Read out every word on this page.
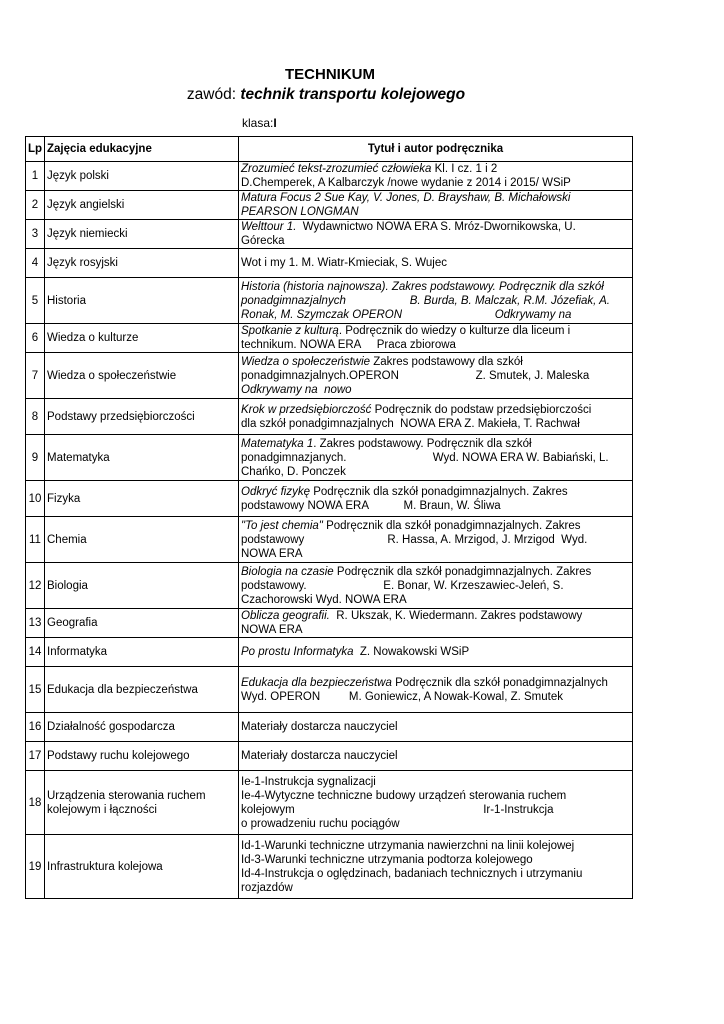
TECHNIKUM
zawód: technik transportu kolejowego
klasa:I
Lp	Zajęcia edukacyjne	Tytuł i autor podręcznika
1	Język polski	Zrozumieć tekst-zrozumieć człowieka Kl. I cz. 1 i 2
D.Chemperek, A Kalbarczyk /nowe wydanie z 2014 i 2015/ WSiP

2	Język angielski	Matura Focus 2 Sue Kay, V. Jones, D. Brayshaw, B. Michałowski
PEARSON LONGMAN

3	Język niemiecki	Welttour 1.  Wydawnictwo NOWA ERA S. Mróz-Dwornikowska, U.
Górecka

4	Język rosyjski	Wot i my 1. M. Wiatr-Kmieciak, S. Wujec

5	Historia	Historia (historia najnowsza). Zakres podstawowy. Podręcznik dla szkół
ponadgimnazjalnych                    B. Burda, B. Malczak, R.M. Józefiak, A.
Ronak, M. Szymczak OPERON                             Odkrywamy na

6	Wiedza o kulturze	Spotkanie z kulturą. Podręcznik do wiedzy o kulturze dla liceum i
technikum. NOWA ERA     Praca zbiorowa

7	Wiedza o społeczeństwie	Wiedza o społeczeństwie Zakres podstawowy dla szkół
ponadgimnazjalnych.OPERON                        Z. Smutek, J. Maleska
Odkrywamy na  nowo

8	Podstawy przedsiębiorczości	Krok w przedsiębiorczość Podręcznik do podstaw przedsiębiorczości
dla szkół ponadgimnazjalnych  NOWA ERA Z. Makieła, T. Rachwał

9	Matematyka	Matematyka 1. Zakres podstawowy. Podręcznik dla szkół
ponadgimnazjanych.                           Wyd. NOWA ERA W. Babiański, L.
Chańko, D. Ponczek

10	Fizyka	Odkryć fizykę Podręcznik dla szkół ponadgimnazjalnych. Zakres
podstawowy NOWA ERA           M. Braun, W. Śliwa

11	Chemia	"To jest chemia" Podręcznik dla szkół ponadgimnazjalnych. Zakres
podstawowy                          R. Hassa, A. Mrzigod, J. Mrzigod  Wyd.
NOWA ERA

12	Biologia	Biologia na czasie Podręcznik dla szkół ponadgimnazjalnych. Zakres
podstawowy.                        E. Bonar, W. Krzeszawiec-Jeleń, S.
Czachorowski Wyd. NOWA ERA

13	Geografia	Oblicza geografii.  R. Ukszak, K. Wiedermann. Zakres podstawowy
NOWA ERA

14	Informatyka	Po prostu Informatyka  Z. Nowakowski WSiP

15	Edukacja dla bezpieczeństwa	Edukacja dla bezpieczeństwa Podręcznik dla szkół ponadgimnazjalnych
Wyd. OPERON         M. Goniewicz, A Nowak-Kowal, Z. Smutek

16	Działalność gospodarcza	Materiały dostarcza nauczyciel

17	Podstawy ruchu kolejowego	Materiały dostarcza nauczyciel

18	Urządzenia sterowania ruchem kolejowym i łączności	Ie-1-Instrukcja sygnalizacji
Ie-4-Wytyczne techniczne budowy urządzeń sterowania ruchem
kolejowym                                                           Ir-1-Instrukcja
o prowadzeniu ruchu pociągów

19	Infrastruktura kolejowa	Id-1-Warunki techniczne utrzymania nawierzchni na linii kolejowej
Id-3-Warunki techniczne utrzymania podtorza kolejowego
Id-4-Instrukcja o oględzinach, badaniach technicznych i utrzymaniu
rozjazdów
